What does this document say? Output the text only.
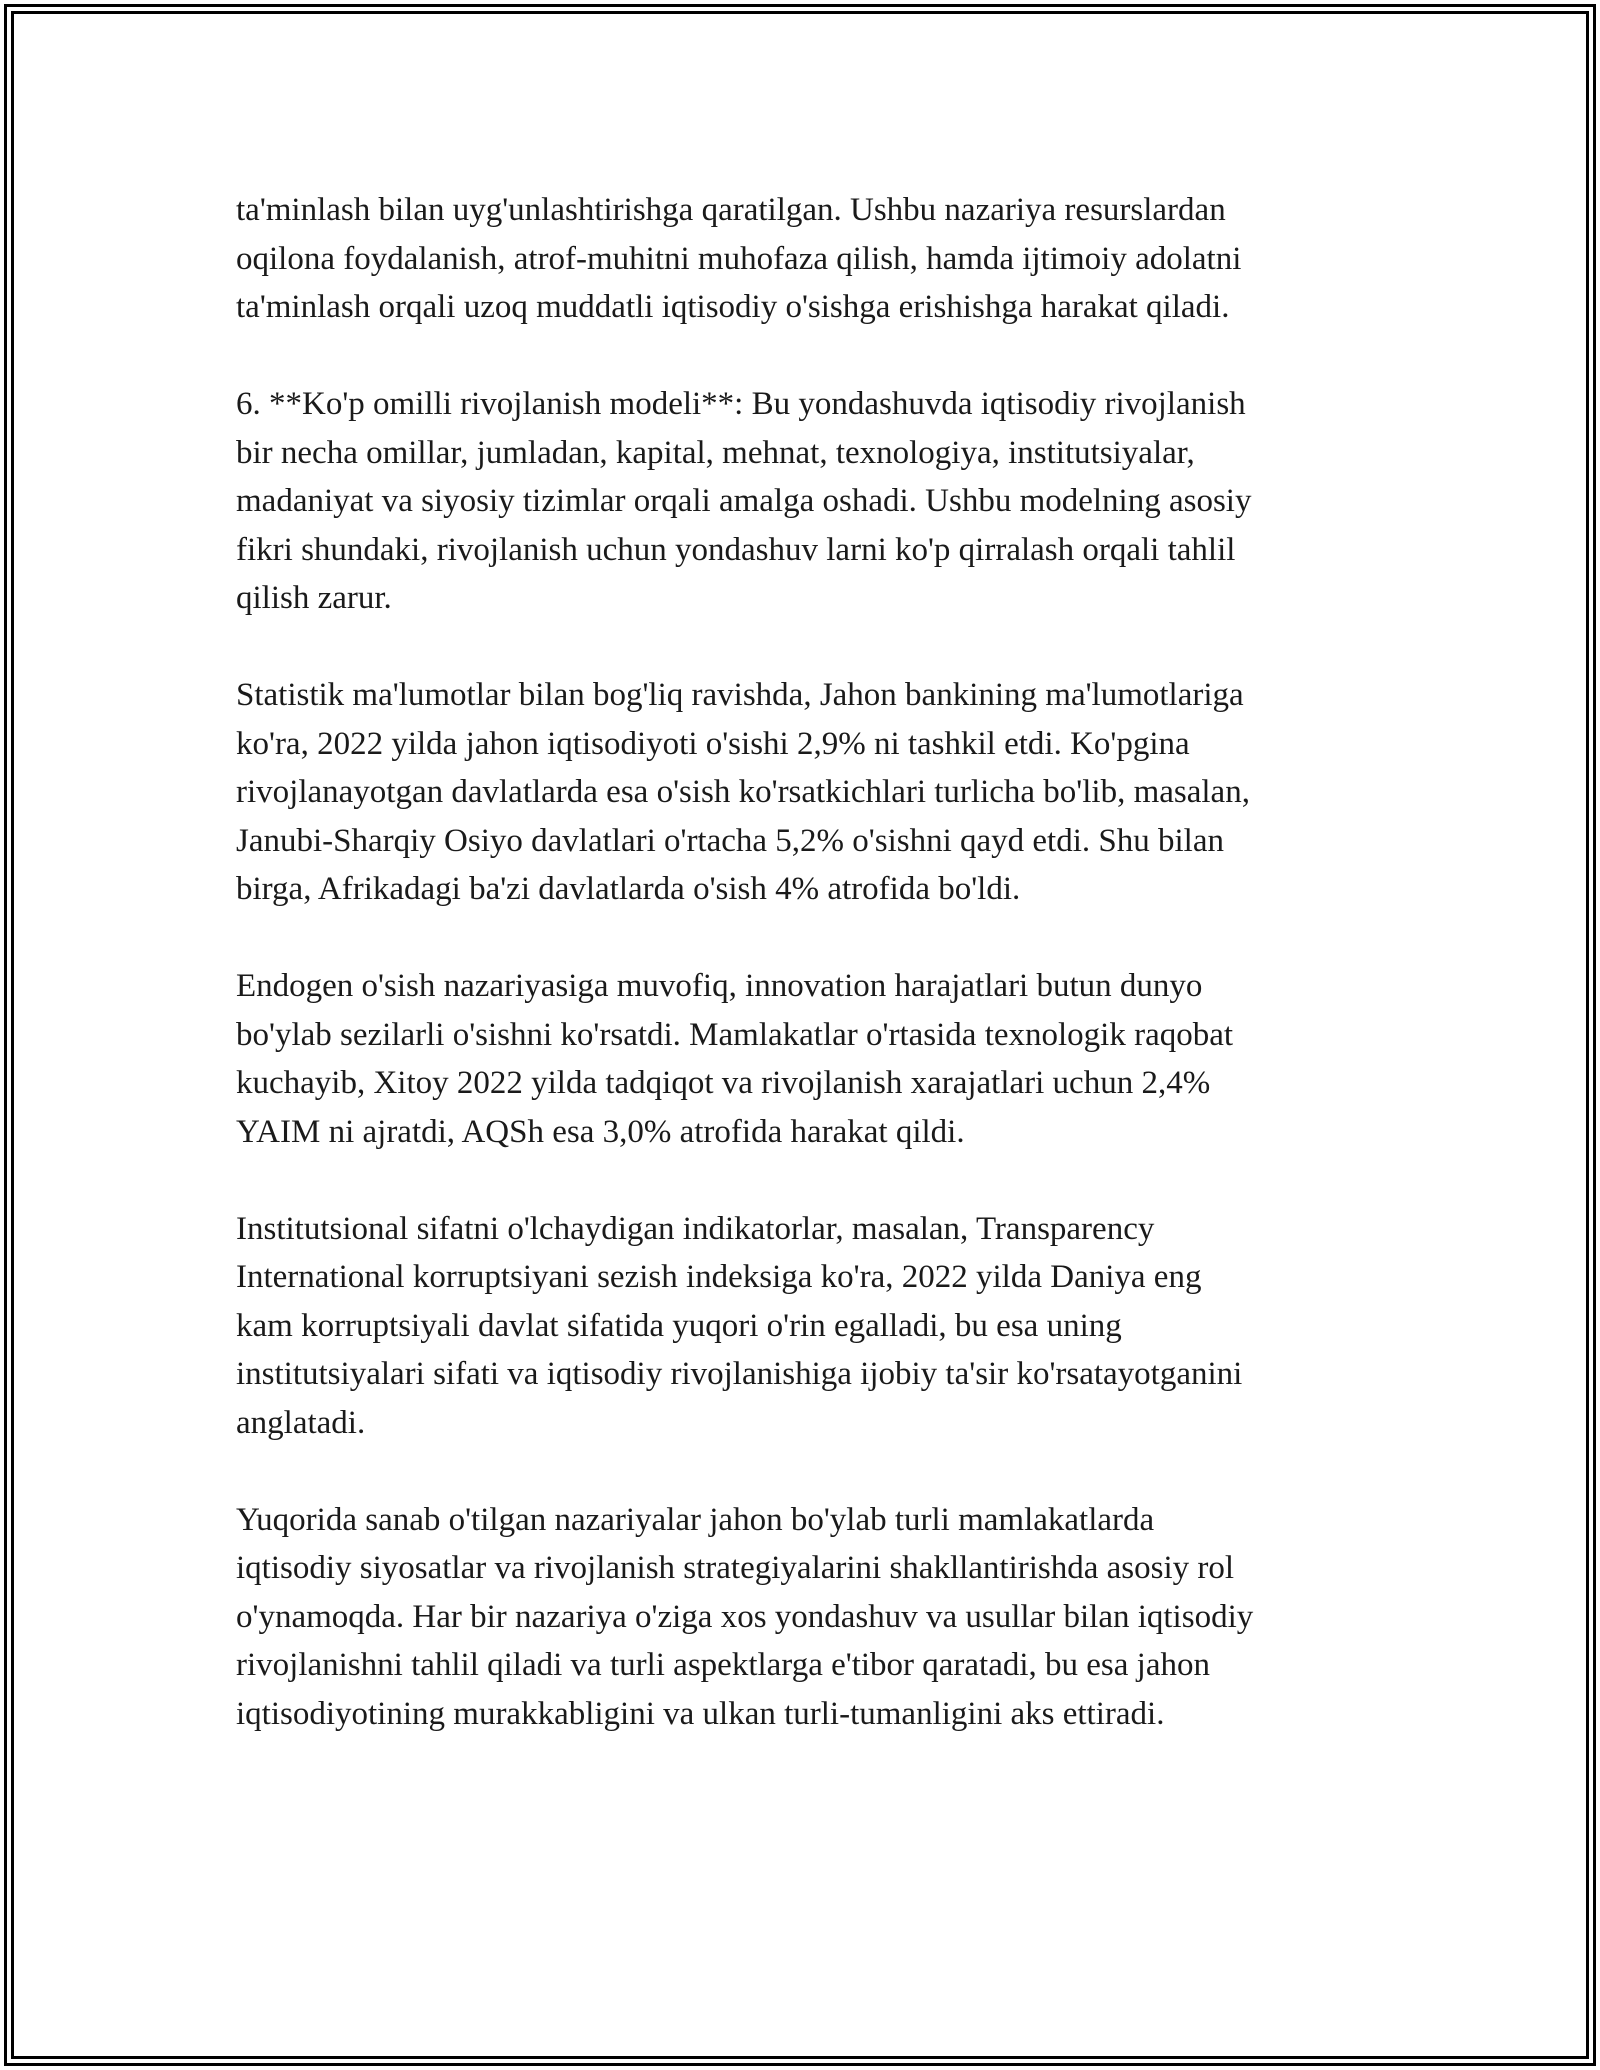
ta'minlash bilan uyg'unlashtirishga qaratilgan. Ushbu nazariya resurslardan
oqilona foydalanish, atrof-muhitni muhofaza qilish, hamda ijtimoiy adolatni
ta'minlash orqali uzoq muddatli iqtisodiy o'sishga erishishga harakat qiladi.

6. **Ko'p omilli rivojlanish modeli**: Bu yondashuvda iqtisodiy rivojlanish
bir necha omillar, jumladan, kapital, mehnat, texnologiya, institutsiyalar,
madaniyat va siyosiy tizimlar orqali amalga oshadi. Ushbu modelning asosiy
fikri shundaki, rivojlanish uchun yondashuv larni ko'p qirralash orqali tahlil
qilish zarur.

Statistik ma'lumotlar bilan bog'liq ravishda, Jahon bankining ma'lumotlariga
ko'ra, 2022 yilda jahon iqtisodiyoti o'sishi 2,9% ni tashkil etdi. Ko'pgina
rivojlanayotgan davlatlarda esa o'sish ko'rsatkichlari turlicha bo'lib, masalan,
Janubi-Sharqiy Osiyo davlatlari o'rtacha 5,2% o'sishni qayd etdi. Shu bilan
birga, Afrikadagi ba'zi davlatlarda o'sish 4% atrofida bo'ldi.

Endogen o'sish nazariyasiga muvofiq, innovation harajatlari butun dunyo
bo'ylab sezilarli o'sishni ko'rsatdi. Mamlakatlar o'rtasida texnologik raqobat
kuchayib, Xitoy 2022 yilda tadqiqot va rivojlanish xarajatlari uchun 2,4%
YAIM ni ajratdi, AQSh esa 3,0% atrofida harakat qildi.

Institutsional sifatni o'lchaydigan indikatorlar, masalan, Transparency
International korruptsiyani sezish indeksiga ko'ra, 2022 yilda Daniya eng
kam korruptsiyali davlat sifatida yuqori o'rin egalladi, bu esa uning
institutsiyalari sifati va iqtisodiy rivojlanishiga ijobiy ta'sir ko'rsatayotganini
anglatadi.

Yuqorida sanab o'tilgan nazariyalar jahon bo'ylab turli mamlakatlarda
iqtisodiy siyosatlar va rivojlanish strategiyalarini shakllantirishda asosiy rol
o'ynamoqda. Har bir nazariya o'ziga xos yondashuv va usullar bilan iqtisodiy
rivojlanishni tahlil qiladi va turli aspektlarga e'tibor qaratadi, bu esa jahon
iqtisodiyotining murakkabligini va ulkan turli-tumanligini aks ettiradi.
